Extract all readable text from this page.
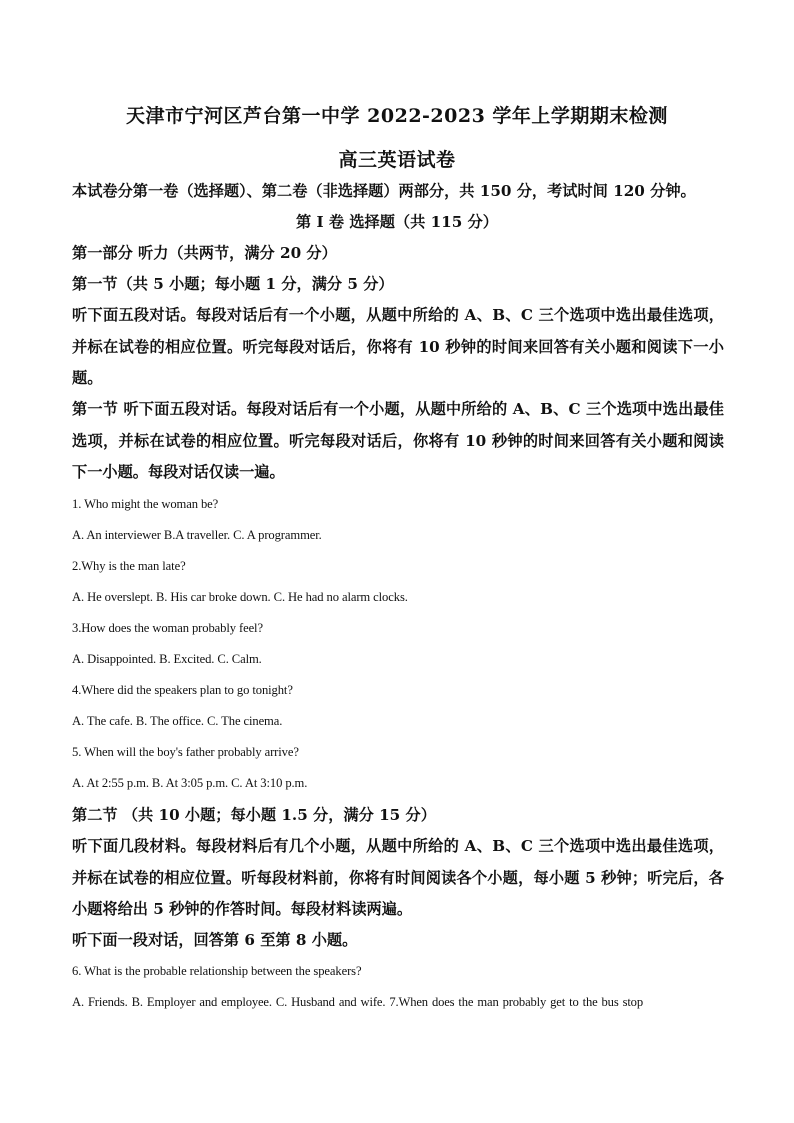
天津市宁河区芦台第一中学 2022-2023 学年上学期期末检测
高三英语试卷
本试卷分第一卷（选择题）、第二卷（非选择题）两部分，共 150 分，考试时间 120 分钟。
第 I 卷 选择题（共 115 分）
第一部分 听力（共两节，满分 20 分）
第一节（共 5 小题；每小题 1 分，满分 5 分）
听下面五段对话。每段对话后有一个小题，从题中所给的 A、B、C 三个选项中选出最佳选项，并标在试卷的相应位置。听完每段对话后，你将有 10 秒钟的时间来回答有关小题和阅读下一小题。
第一节 听下面五段对话。每段对话后有一个小题，从题中所给的 A、B、C 三个选项中选出最佳选项，并标在试卷的相应位置。听完每段对话后，你将有 10 秒钟的时间来回答有关小题和阅读下一小题。每段对话仅读一遍。
1. Who might the woman be?
A. An interviewer B.A traveller. C. A programmer.
2.Why is the man late?
A. He overslept. B. His car broke down. C. He had no alarm clocks.
3.How does the woman probably feel?
A. Disappointed. B. Excited. C. Calm.
4.Where did the speakers plan to go tonight?
A. The cafe. B. The office. C. The cinema.
5. When will the boy's father probably arrive?
A. At 2:55 p.m. B. At 3:05 p.m. C. At 3:10 p.m.
第二节 （共 10 小题；每小题 1.5 分，满分 15 分）
听下面几段材料。每段材料后有几个小题，从题中所给的 A、B、C 三个选项中选出最佳选项，并标在试卷的相应位置。听每段材料前，你将有时间阅读各个小题，每小题 5 秒钟；听完后，各小题将给出 5 秒钟的作答时间。每段材料读两遍。
听下面一段对话，回答第 6 至第 8 小题。
6. What is the probable relationship between the speakers?
A. Friends. B. Employer and employee. C. Husband and wife. 7.When does the man probably get to the bus stop
